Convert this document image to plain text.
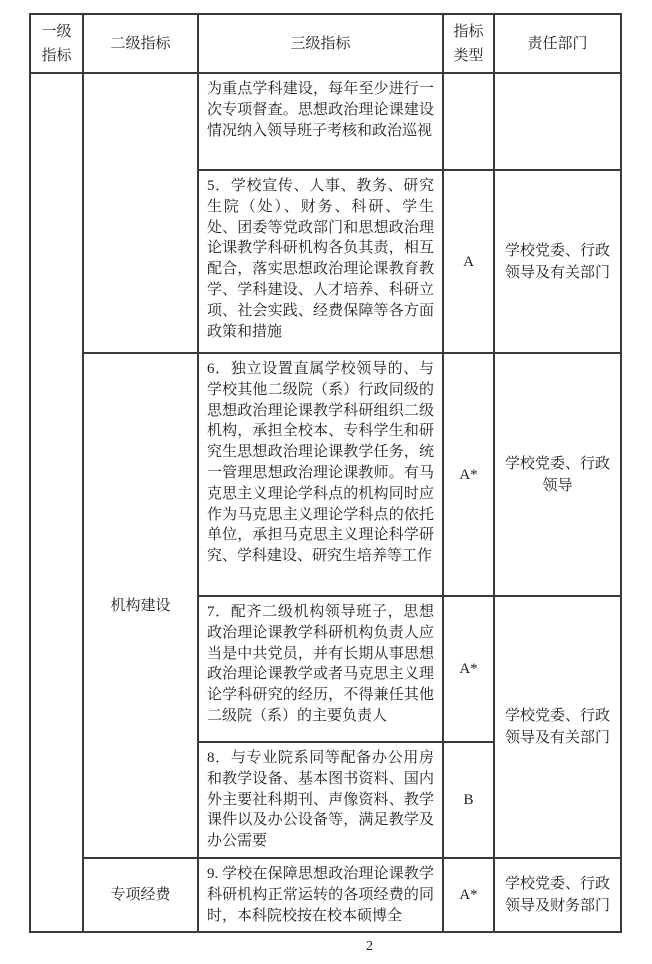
一级指标	二级指标	三级指标	指标类型	责任部门
		为重点学科建设，每年至少进行一次专项督查。思想政治理论课建设情况纳入领导班子考核和政治巡视		
		5．学校宣传、人事、教务、研究生院（处）、财务、科研、学生处、团委等党政部门和思想政治理论课教学科研机构各负其责，相互配合，落实思想政治理论课教育教学、学科建设、人才培养、科研立项、社会实践、经费保障等各方面政策和措施	A	学校党委、行政领导及有关部门
	机构建设	6．独立设置直属学校领导的、与学校其他二级院（系）行政同级的思想政治理论课教学科研组织二级机构，承担全校本、专科学生和研究生思想政治理论课教学任务，统一管理思想政治理论课教师。有马克思主义理论学科点的机构同时应作为马克思主义理论学科点的依托单位，承担马克思主义理论科学研究、学科建设、研究生培养等工作	A*	学校党委、行政领导
		7．配齐二级机构领导班子，思想政治理论课教学科研机构负责人应当是中共党员，并有长期从事思想政治理论课教学或者马克思主义理论学科研究的经历，不得兼任其他二级院（系）的主要负责人	A*	学校党委、行政领导及有关部门
		8．与专业院系同等配备办公用房和教学设备、基本图书资料、国内外主要社科期刊、声像资料、教学课件以及办公设备等，满足教学及办公需要	B	
	专项经费	9. 学校在保障思想政治理论课教学科研机构正常运转的各项经费的同时，本科院校按在校本硕博全	A*	学校党委、行政领导及财务部门
2
